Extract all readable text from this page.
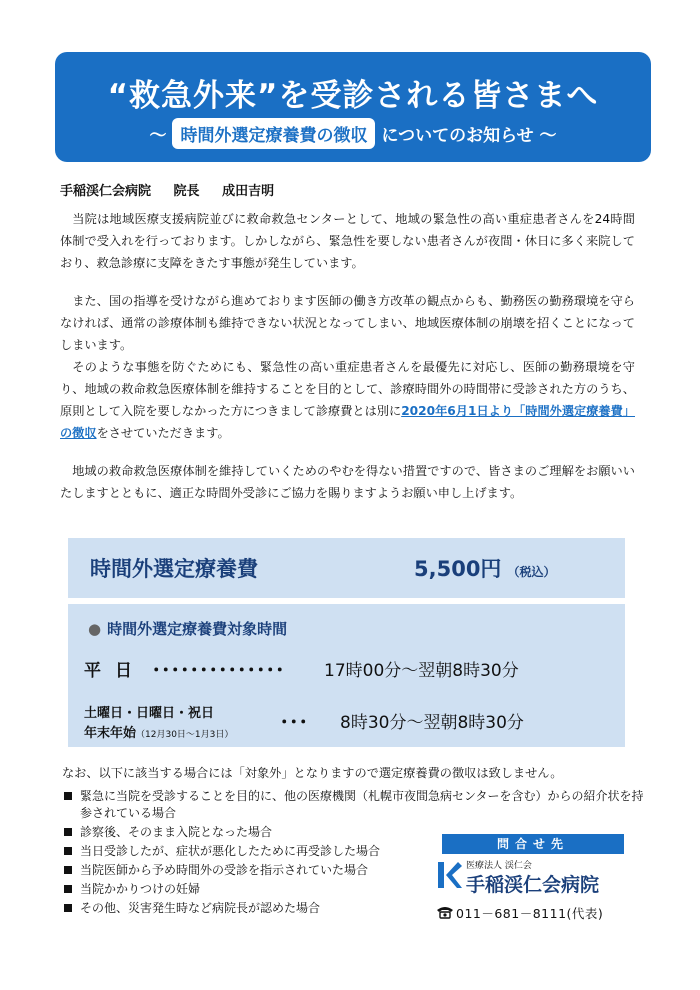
“救急外来”を受診される皆さまへ
～ 時間外選定療養費の徴収 についてのお知らせ ～
手稲渓仁会病院 院長 成田吉明
当院は地域医療支援病院並びに救命救急センターとして、地域の緊急性の高い重症患者さんを24時間体制で受入れを行っております。しかしながら、緊急性を要しない患者さんが夜間・休日に多く来院しており、救急診療に支障をきたす事態が発生しています。
また、国の指導を受けながら進めております医師の働き方改革の観点からも、勤務医の勤務環境を守らなければ、通常の診療体制も維持できない状況となってしまい、地域医療体制の崩壊を招くことになってしまいます。
そのような事態を防ぐためにも、緊急性の高い重症患者さんを最優先に対応し、医師の勤務環境を守り、地域の救命救急医療体制を維持することを目的として、診療時間外の時間帯に受診された方のうち、原則として入院を要しなかった方につきまして診療費とは別に2020年6月1日より「時間外選定療養費」の徴収をさせていただきます。
地域の救命救急医療体制を維持していくためのやむを得ない措置ですので、皆さまのご理解をお願いいたしますとともに、適正な時間外受診にご協力を賜りますようお願い申し上げます。
時間外選定療養費	5,500円 （税込）
● 時間外選定療養費対象時間
平日 ･･････････････ 17時00分～翌朝8時30分
土曜日・日曜日・祝日
年末年始（12月30日～1月3日）
･･･ 8時30分～翌朝8時30分
なお、以下に該当する場合には「対象外」となりますので選定療養費の徴収は致しません。
緊急に当院を受診することを目的に、他の医療機関（札幌市夜間急病センターを含む）からの紹介状を持参されている場合
診察後、そのまま入院となった場合
当日受診したが、症状が悪化したために再受診した場合
当院医師から予め時間外の受診を指示されていた場合
当院かかりつけの妊婦
その他、災害発生時など病院長が認めた場合
問合せ先
医療法人 渓仁会
手稲渓仁会病院
011－681－8111(代表)
